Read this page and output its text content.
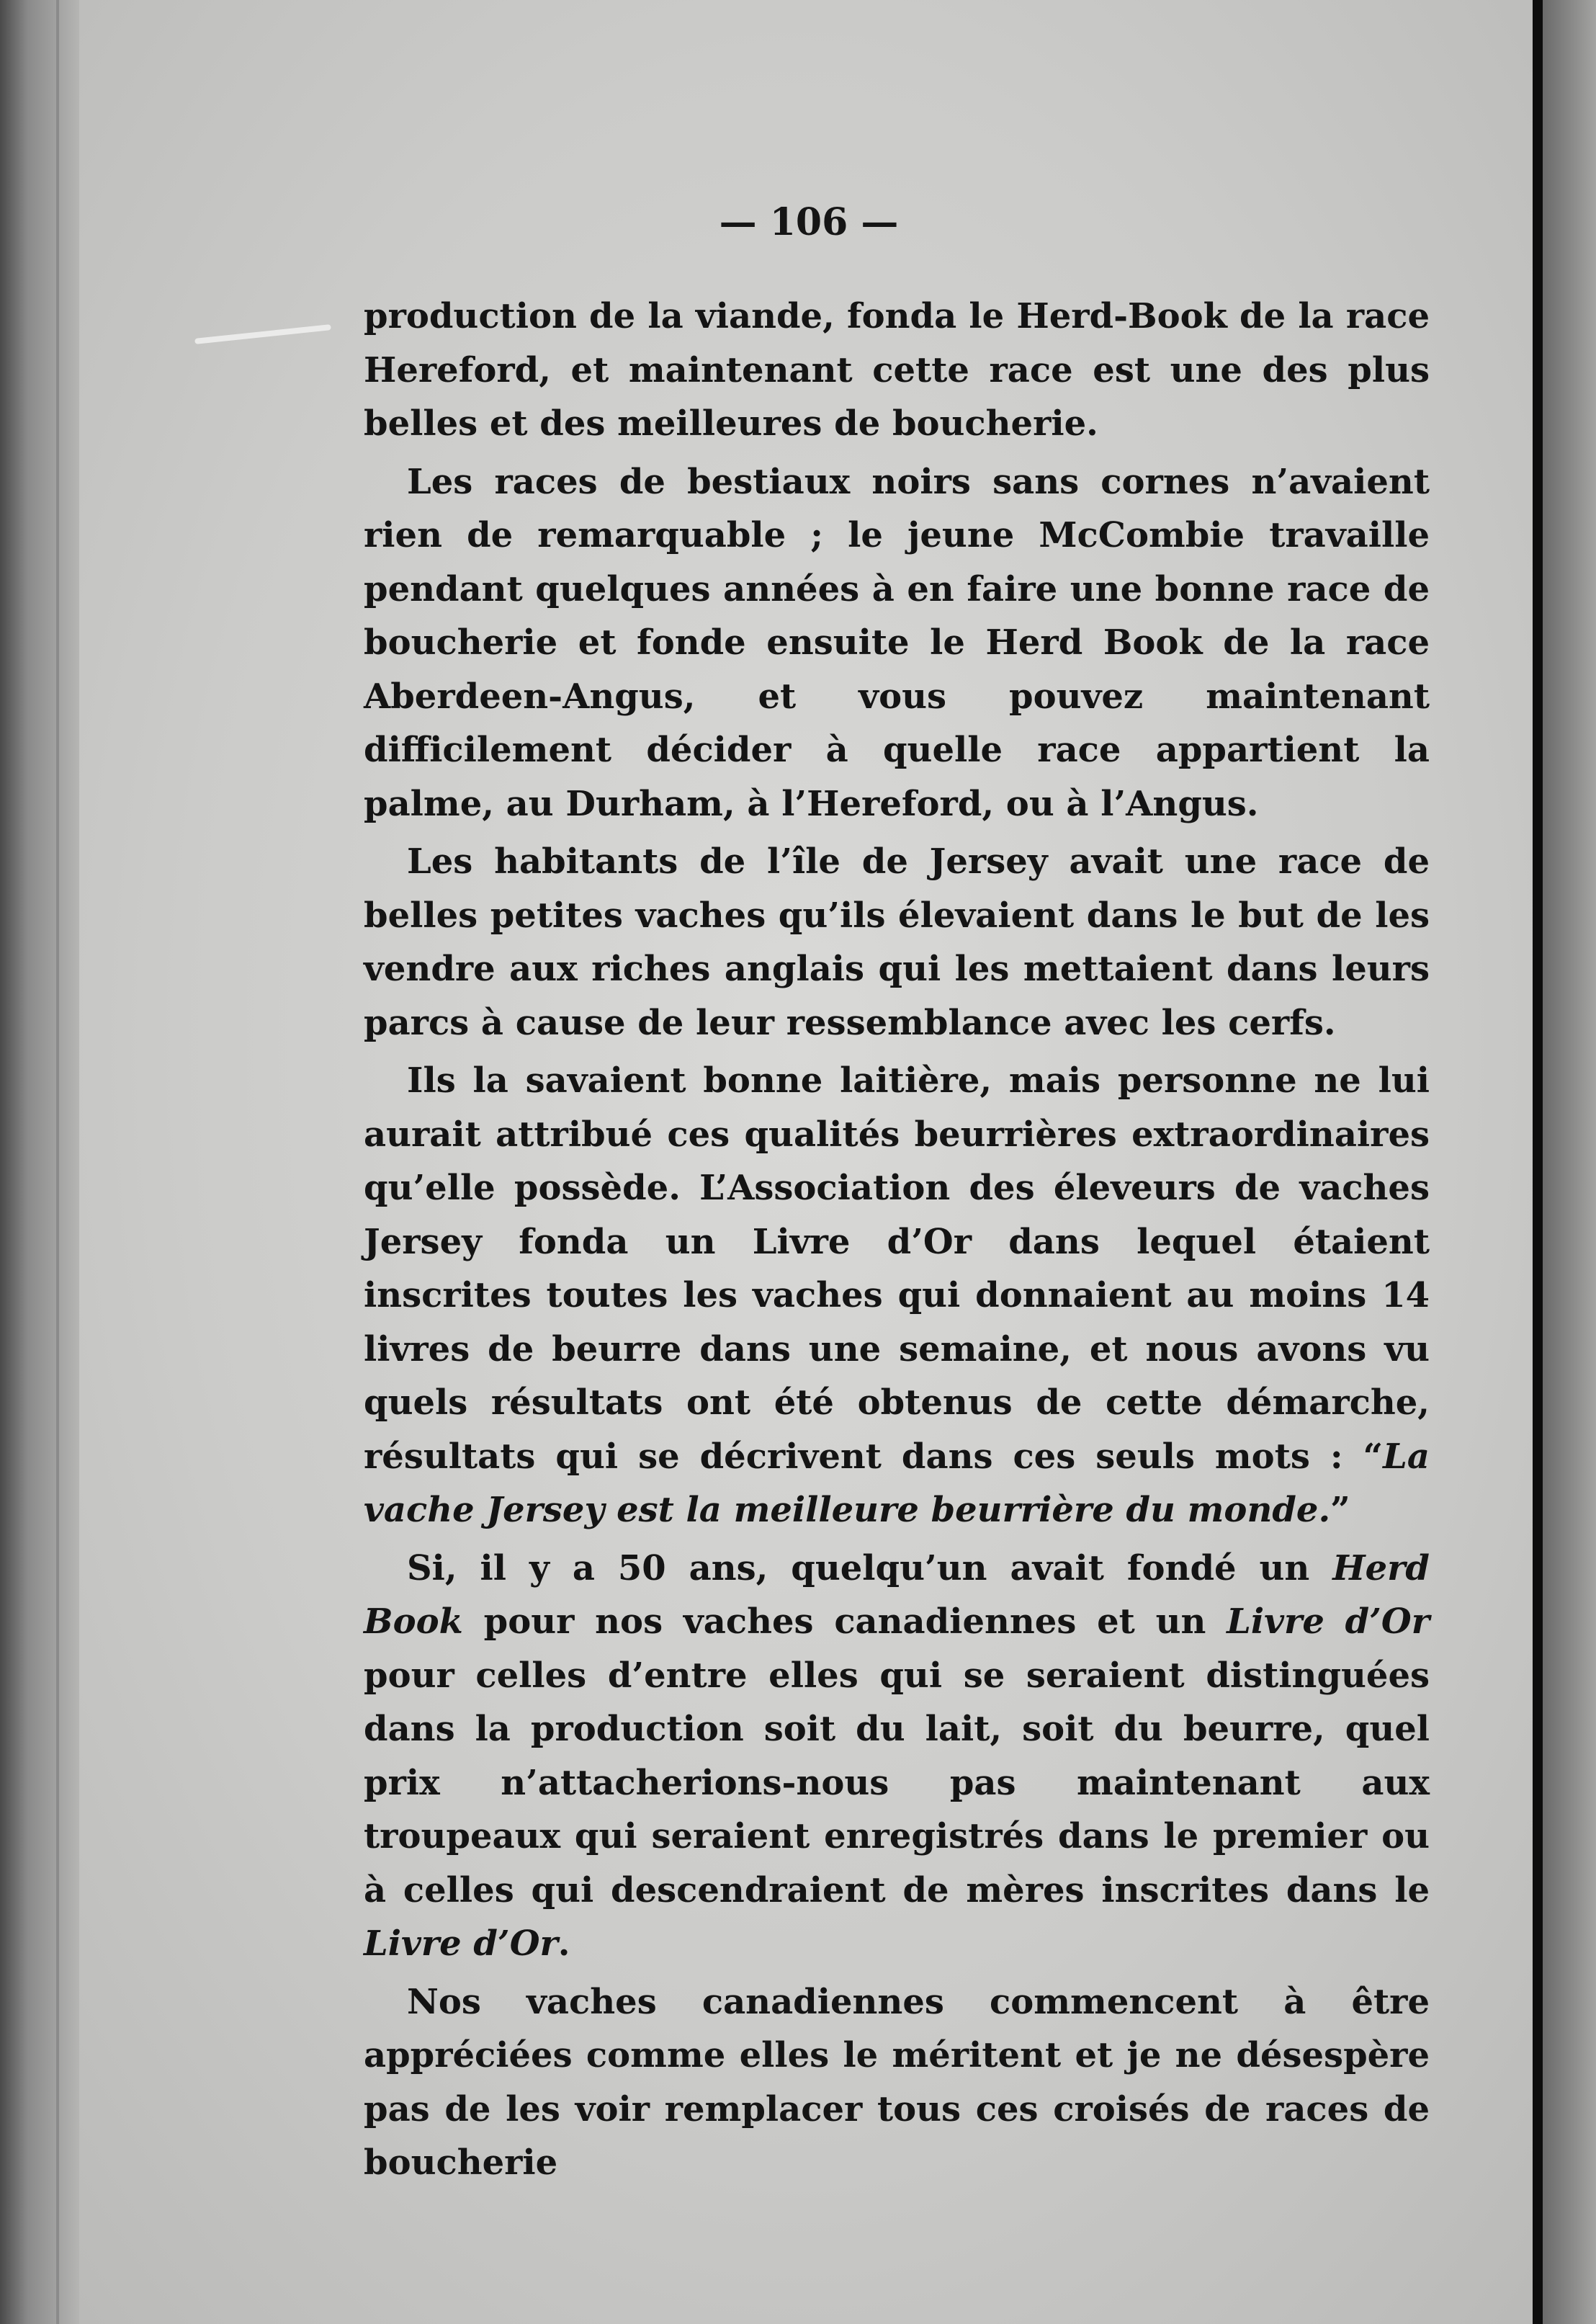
— 106 —

production de la viande, fonda le Herd-Book de la race Hereford, et maintenant cette race est une des plus belles et des meilleures de boucherie.

Les races de bestiaux noirs sans cornes n’avaient rien de remarquable ; le jeune McCombie travaille pendant quelques années à en faire une bonne race de boucherie et fonde ensuite le Herd Book de la race Aberdeen-Angus, et vous pouvez maintenant difficilement décider à quelle race appartient la palme, au Durham, à l’Hereford, ou à l’Angus.

Les habitants de l’île de Jersey avait une race de belles petites vaches qu’ils élevaient dans le but de les vendre aux riches anglais qui les mettaient dans leurs parcs à cause de leur ressemblance avec les cerfs.

Ils la savaient bonne laitière, mais personne ne lui aurait attribué ces qualités beurrières extraordinaires qu’elle possède. L’Association des éleveurs de vaches Jersey fonda un Livre d’Or dans lequel étaient inscrites toutes les vaches qui donnaient au moins 14 livres de beurre dans une semaine, et nous avons vu quels résultats ont été obtenus de cette démarche, résultats qui se décrivent dans ces seuls mots : “La vache Jersey est la meilleure beurrière du monde.”

Si, il y a 50 ans, quelqu’un avait fondé un Herd Book pour nos vaches canadiennes et un Livre d’Or pour celles d’entre elles qui se seraient distinguées dans la production soit du lait, soit du beurre, quel prix n’attacherions-nous pas maintenant aux troupeaux qui seraient enregistrés dans le premier ou à celles qui descendraient de mères inscrites dans le Livre d’Or.

Nos vaches canadiennes commencent à être appréciées comme elles le méritent et je ne désespère pas de les voir remplacer tous ces croisés de races de boucherie
